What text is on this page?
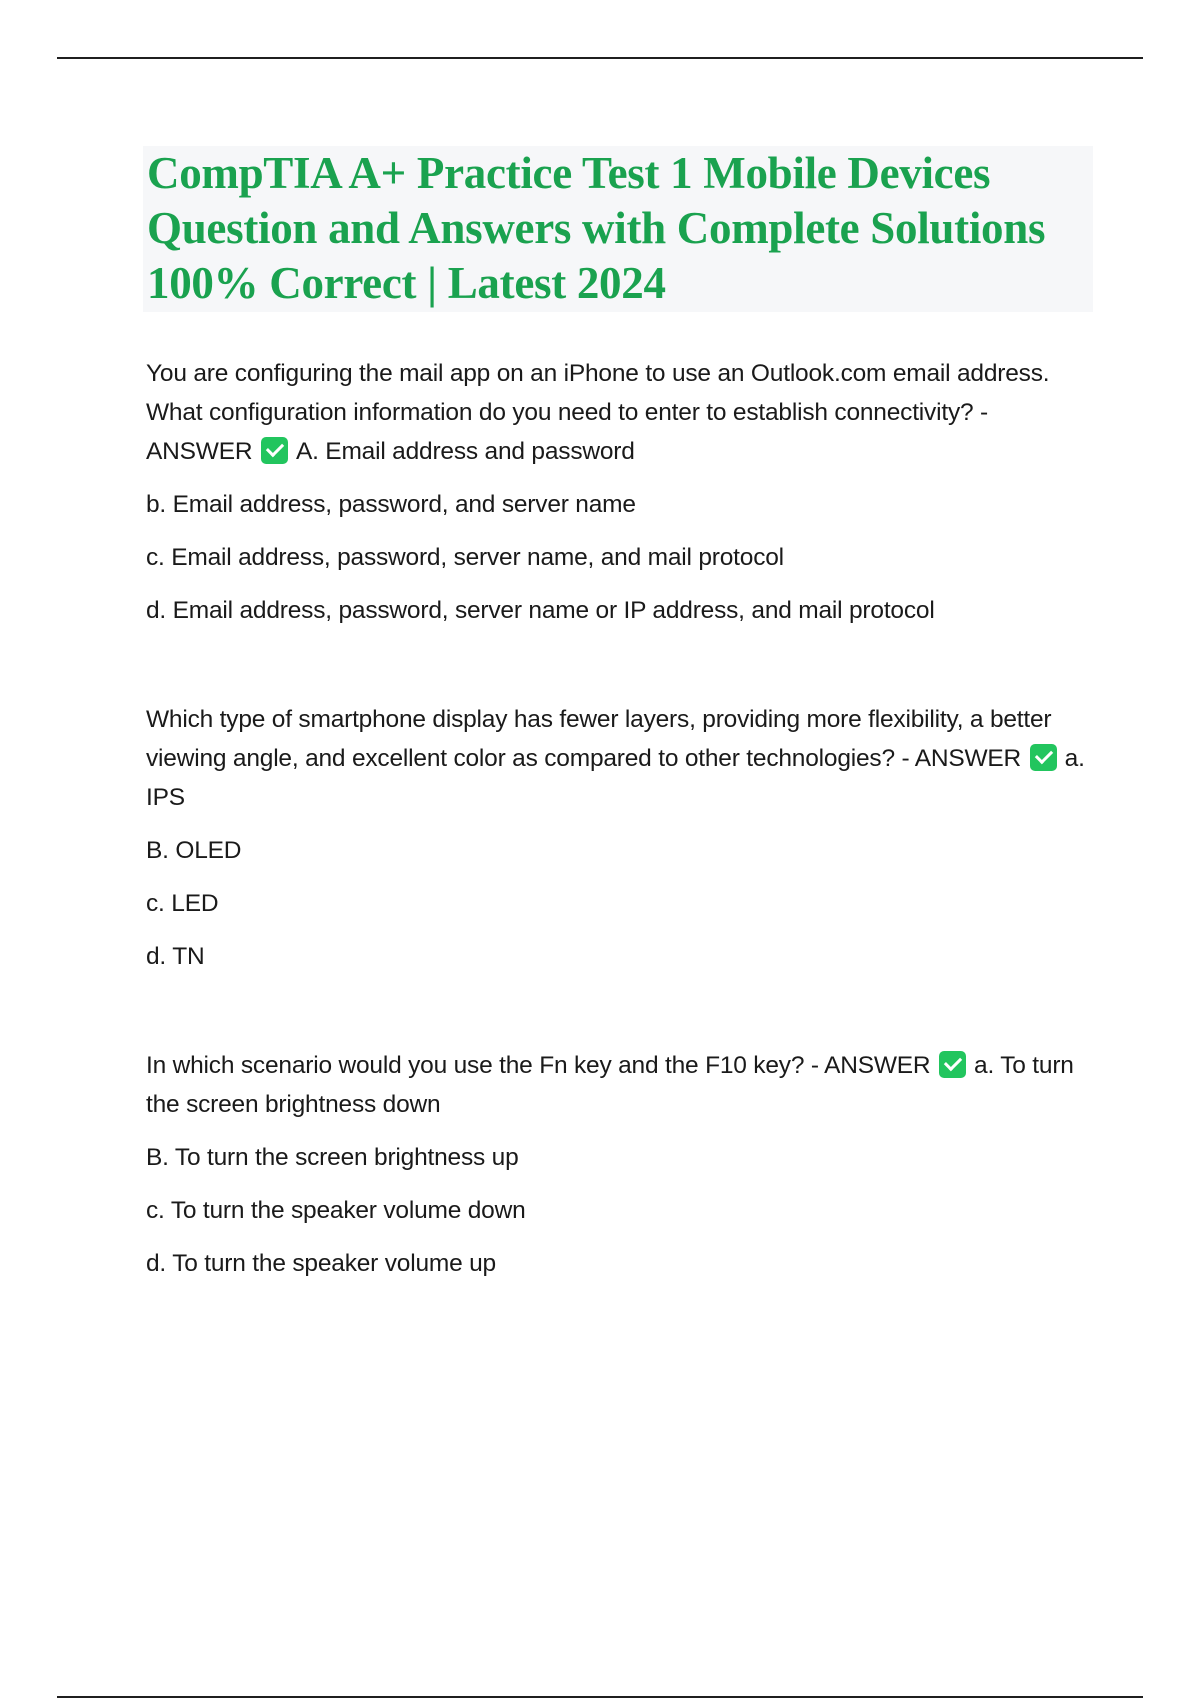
CompTIA A+ Practice Test 1 Mobile Devices Question and Answers with Complete Solutions 100% Correct | Latest 2024

You are configuring the mail app on an iPhone to use an Outlook.com email address. What configuration information do you need to enter to establish connectivity? - ANSWER A. Email address and password

b. Email address, password, and server name

c. Email address, password, server name, and mail protocol

d. Email address, password, server name or IP address, and mail protocol

Which type of smartphone display has fewer layers, providing more flexibility, a better viewing angle, and excellent color as compared to other technologies? - ANSWER a. IPS

B. OLED

c. LED

d. TN

In which scenario would you use the Fn key and the F10 key? - ANSWER a. To turn the screen brightness down

B. To turn the screen brightness up

c. To turn the speaker volume down

d. To turn the speaker volume up
